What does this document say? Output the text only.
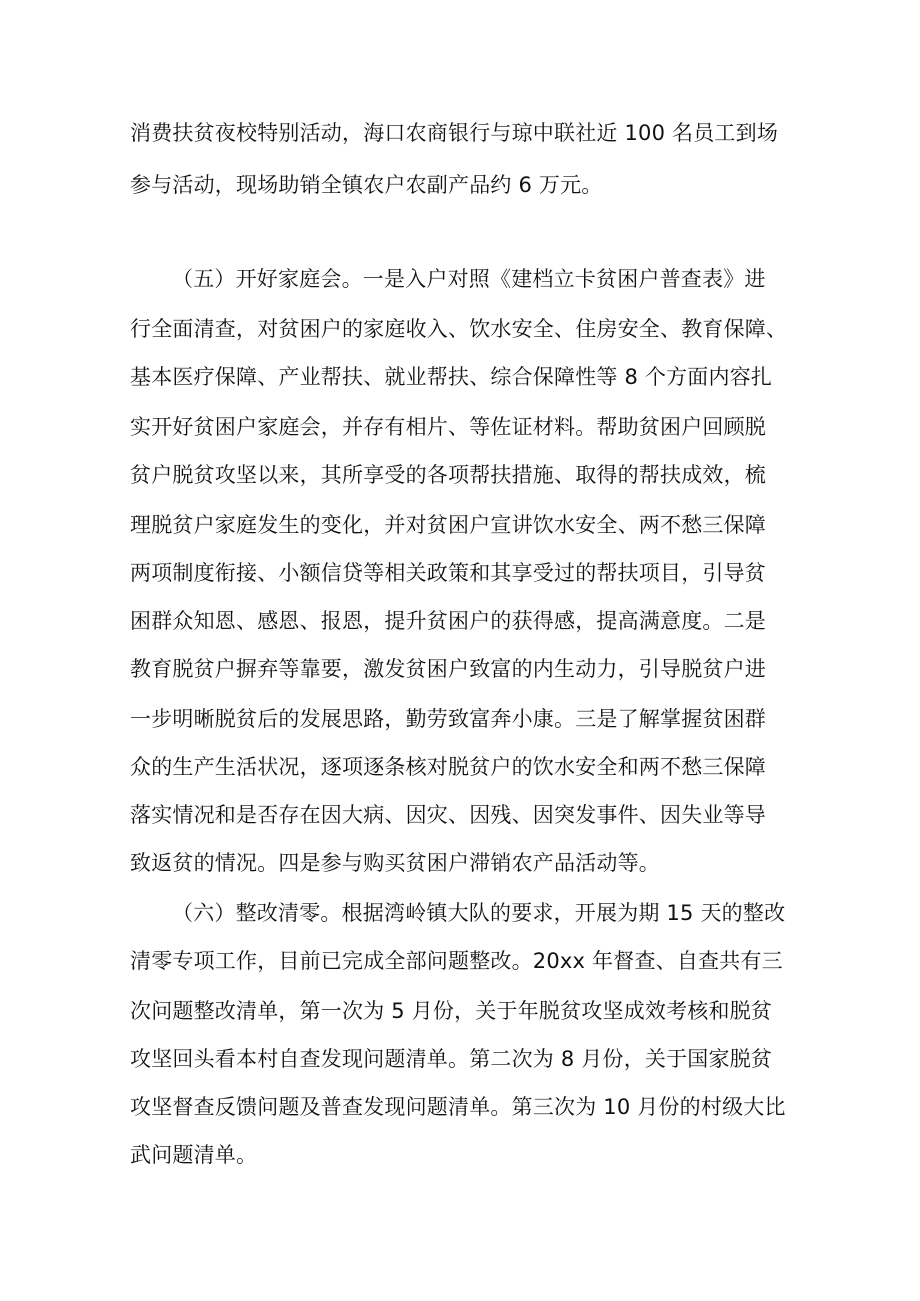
消费扶贫夜校特别活动，海口农商银行与琼中联社近 100 名员工到场
参与活动，现场助销全镇农户农副产品约 6 万元。
（五）开好家庭会。一是入户对照《建档立卡贫困户普查表》进
行全面清查，对贫困户的家庭收入、饮水安全、住房安全、教育保障、
基本医疗保障、产业帮扶、就业帮扶、综合保障性等 8 个方面内容扎
实开好贫困户家庭会，并存有相片、等佐证材料。帮助贫困户回顾脱
贫户脱贫攻坚以来，其所享受的各项帮扶措施、取得的帮扶成效，梳
理脱贫户家庭发生的变化，并对贫困户宣讲饮水安全、两不愁三保障
两项制度衔接、小额信贷等相关政策和其享受过的帮扶项目，引导贫
困群众知恩、感恩、报恩，提升贫困户的获得感，提高满意度。二是
教育脱贫户摒弃等靠要，激发贫困户致富的内生动力，引导脱贫户进
一步明晰脱贫后的发展思路，勤劳致富奔小康。三是了解掌握贫困群
众的生产生活状况，逐项逐条核对脱贫户的饮水安全和两不愁三保障
落实情况和是否存在因大病、因灾、因残、因突发事件、因失业等导
致返贫的情况。四是参与购买贫困户滞销农产品活动等。
（六）整改清零。根据湾岭镇大队的要求，开展为期 15 天的整改
清零专项工作，目前已完成全部问题整改。20xx 年督查、自查共有三
次问题整改清单，第一次为 5 月份，关于年脱贫攻坚成效考核和脱贫
攻坚回头看本村自查发现问题清单。第二次为 8 月份，关于国家脱贫
攻坚督查反馈问题及普查发现问题清单。第三次为 10 月份的村级大比
武问题清单。
